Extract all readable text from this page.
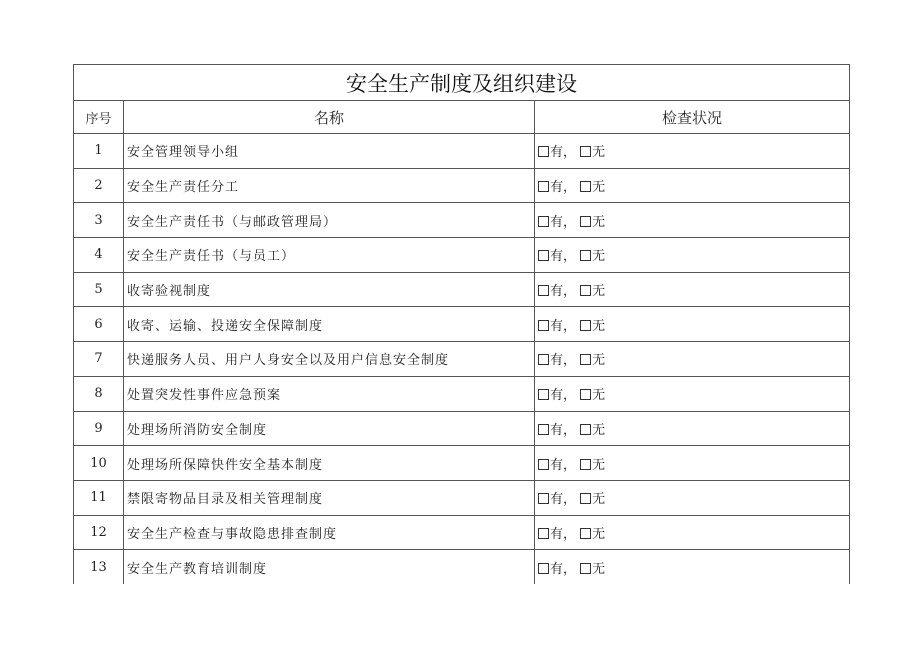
安全生产制度及组织建设		
序号	名称	检查状况
1	安全管理领导小组	有， 无
2	安全生产责任分工	有， 无
3	安全生产责任书（与邮政管理局）	有， 无
4	安全生产责任书（与员工）	有， 无
5	收寄验视制度	有， 无
6	收寄、运输、投递安全保障制度	有， 无
7	快递服务人员、用户人身安全以及用户信息安全制度	有， 无
8	处置突发性事件应急预案	有， 无
9	处理场所消防安全制度	有， 无
10	处理场所保障快件安全基本制度	有， 无
11	禁限寄物品目录及相关管理制度	有， 无
12	安全生产检查与事故隐患排查制度	有， 无
13	安全生产教育培训制度	有， 无
